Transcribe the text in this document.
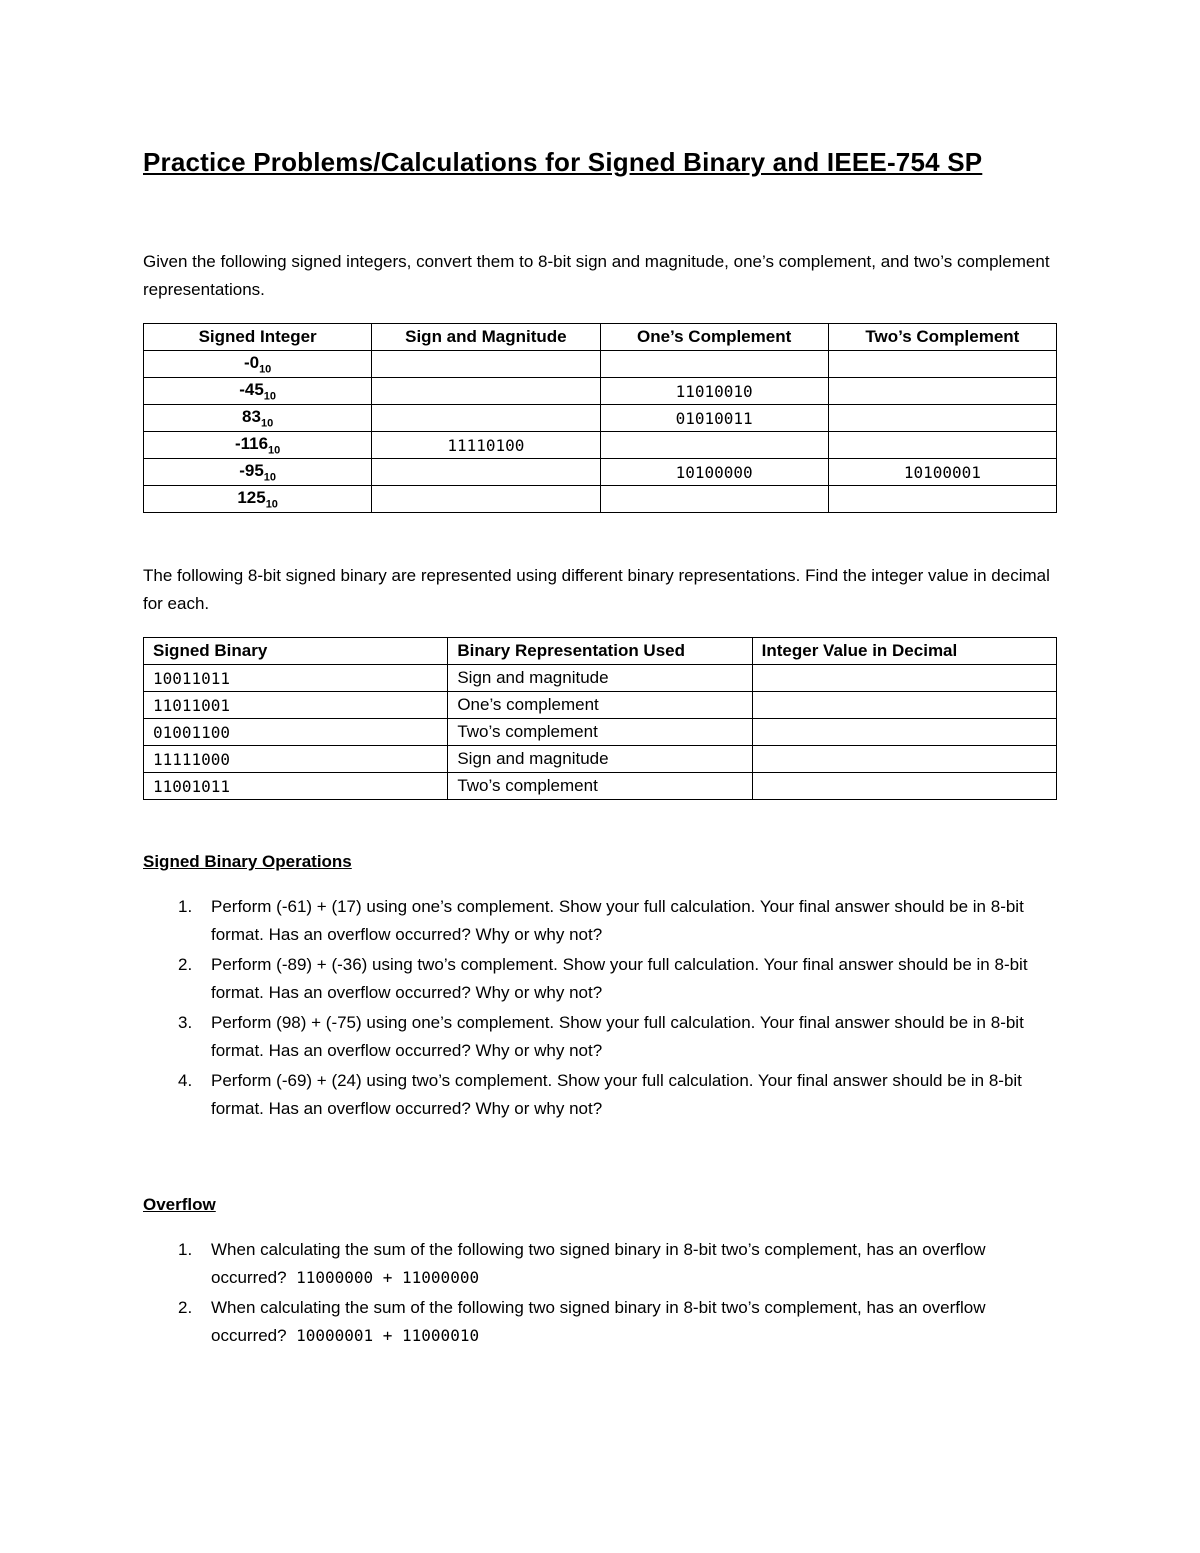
Practice Problems/Calculations for Signed Binary and IEEE-754 SP

Given the following signed integers, convert them to 8-bit sign and magnitude, one’s complement, and two’s complement representations.

Signed Integer	Sign and Magnitude	One’s Complement	Two’s Complement
$-0_{10}$			
$-45_{10}$		11010010	
$83_{10}$		01010011	
$-116_{10}$	11110100		
$-95_{10}$		10100000	10100001
$125_{10}$			

The following 8-bit signed binary are represented using different binary representations. Find the integer value in decimal for each.

Signed Binary	Binary Representation Used	Integer Value in Decimal
10011011	Sign and magnitude	
11011001	One’s complement	
01001100	Two’s complement	
11111000	Sign and magnitude	
11001011	Two’s complement	
Signed Binary Operations
1.	Perform (-61) + (17) using one’s complement. Show your full calculation. Your final answer should be in 8-bit format. Has an overflow occurred? Why or why not?
2.	Perform (-89) + (-36) using two’s complement. Show your full calculation. Your final answer should be in 8-bit format. Has an overflow occurred? Why or why not?
3.	Perform (98) + (-75) using one’s complement. Show your full calculation. Your final answer should be in 8-bit format. Has an overflow occurred? Why or why not?
4.	Perform (-69) + (24) using two’s complement. Show your full calculation. Your final answer should be in 8-bit format. Has an overflow occurred? Why or why not?
Overflow
1.	When calculating the sum of the following two signed binary in 8-bit two’s complement, has an overflow occurred? 11000000 + 11000000
2.	When calculating the sum of the following two signed binary in 8-bit two’s complement, has an overflow occurred? 10000001 + 11000010
